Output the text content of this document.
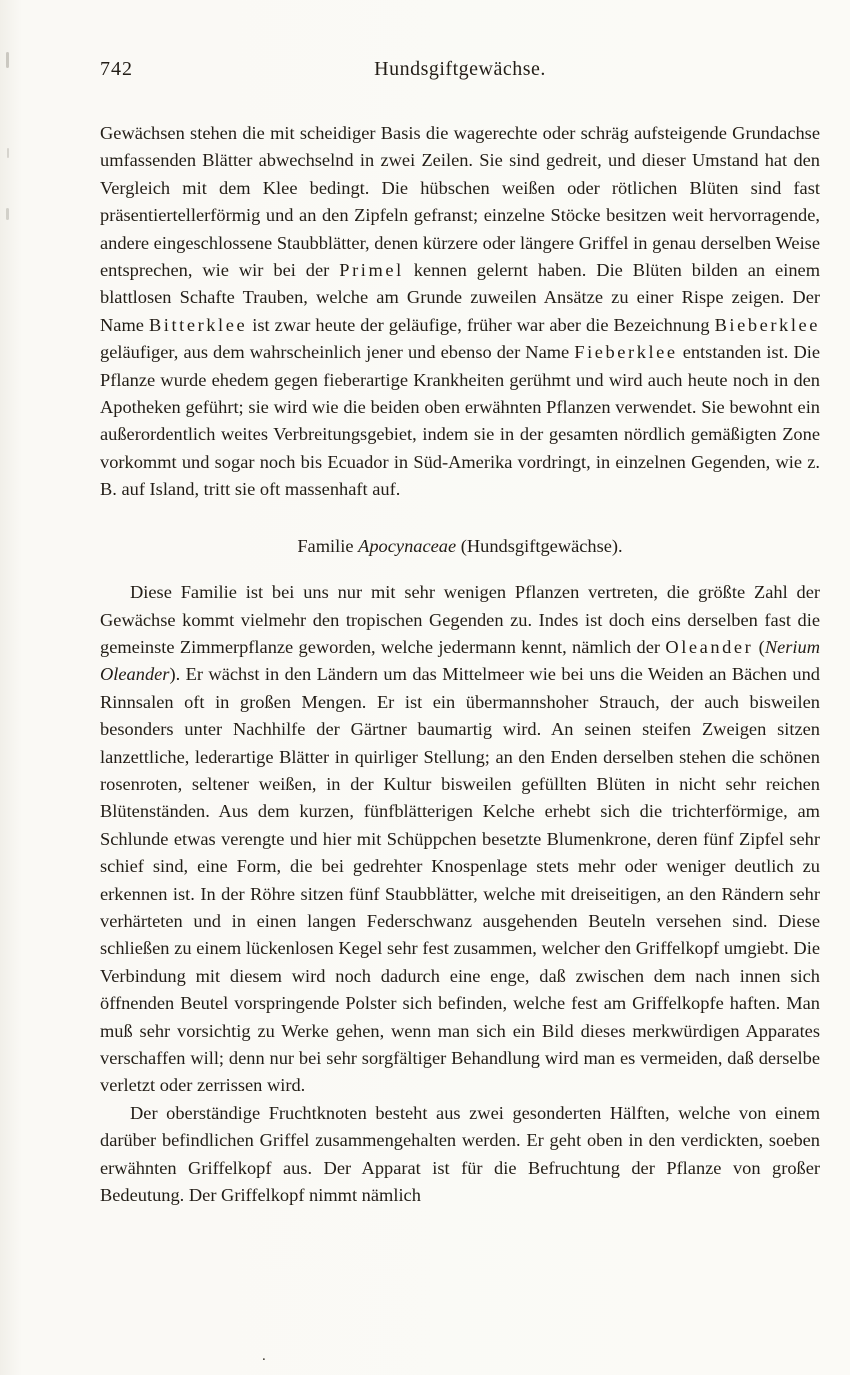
742	Hundsgiftgewächse.

Gewächsen stehen die mit scheidiger Basis die wagerechte oder schräg aufsteigende Grundachse umfassenden Blätter abwechselnd in zwei Zeilen. Sie sind gedreit, und dieser Umstand hat den Vergleich mit dem Klee bedingt. Die hübschen weißen oder rötlichen Blüten sind fast präsentiertellerförmig und an den Zipfeln gefranst; einzelne Stöcke besitzen weit hervorragende, andere eingeschlossene Staubblätter, denen kürzere oder längere Griffel in genau derselben Weise entsprechen, wie wir bei der Primel kennen gelernt haben. Die Blüten bilden an einem blattlosen Schafte Trauben, welche am Grunde zuweilen Ansätze zu einer Rispe zeigen. Der Name Bitterklee ist zwar heute der geläufige, früher war aber die Bezeichnung Bieberklee geläufiger, aus dem wahrscheinlich jener und ebenso der Name Fieberklee entstanden ist. Die Pflanze wurde ehedem gegen fieberartige Krankheiten gerühmt und wird auch heute noch in den Apotheken geführt; sie wird wie die beiden oben erwähnten Pflanzen verwendet. Sie bewohnt ein außerordentlich weites Verbreitungsgebiet, indem sie in der gesamten nördlich gemäßigten Zone vorkommt und sogar noch bis Ecuador in Süd-Amerika vordringt, in einzelnen Gegenden, wie z. B. auf Island, tritt sie oft massenhaft auf.

Familie Apocynaceae (Hundsgiftgewächse).

Diese Familie ist bei uns nur mit sehr wenigen Pflanzen vertreten, die größte Zahl der Gewächse kommt vielmehr den tropischen Gegenden zu. Indes ist doch eins derselben fast die gemeinste Zimmerpflanze geworden, welche jedermann kennt, nämlich der Oleander (Nerium Oleander). Er wächst in den Ländern um das Mittelmeer wie bei uns die Weiden an Bächen und Rinnsalen oft in großen Mengen. Er ist ein übermannshoher Strauch, der auch bisweilen besonders unter Nachhilfe der Gärtner baumartig wird. An seinen steifen Zweigen sitzen lanzettliche, lederartige Blätter in quirliger Stellung; an den Enden derselben stehen die schönen rosenroten, seltener weißen, in der Kultur bisweilen gefüllten Blüten in nicht sehr reichen Blütenständen. Aus dem kurzen, fünfblätterigen Kelche erhebt sich die trichterförmige, am Schlunde etwas verengte und hier mit Schüppchen besetzte Blumenkrone, deren fünf Zipfel sehr schief sind, eine Form, die bei gedrehter Knospenlage stets mehr oder weniger deutlich zu erkennen ist. In der Röhre sitzen fünf Staubblätter, welche mit dreiseitigen, an den Rändern sehr verhärteten und in einen langen Federschwanz ausgehenden Beuteln versehen sind. Diese schließen zu einem lückenlosen Kegel sehr fest zusammen, welcher den Griffelkopf umgiebt. Die Verbindung mit diesem wird noch dadurch eine enge, daß zwischen dem nach innen sich öffnenden Beutel vorspringende Polster sich befinden, welche fest am Griffelkopfe haften. Man muß sehr vorsichtig zu Werke gehen, wenn man sich ein Bild dieses merkwürdigen Apparates verschaffen will; denn nur bei sehr sorgfältiger Behandlung wird man es vermeiden, daß derselbe verletzt oder zerrissen wird.

Der oberständige Fruchtknoten besteht aus zwei gesonderten Hälften, welche von einem darüber befindlichen Griffel zusammengehalten werden. Er geht oben in den verdickten, soeben erwähnten Griffelkopf aus. Der Apparat ist für die Befruchtung der Pflanze von großer Bedeutung. Der Griffelkopf nimmt nämlich

.
